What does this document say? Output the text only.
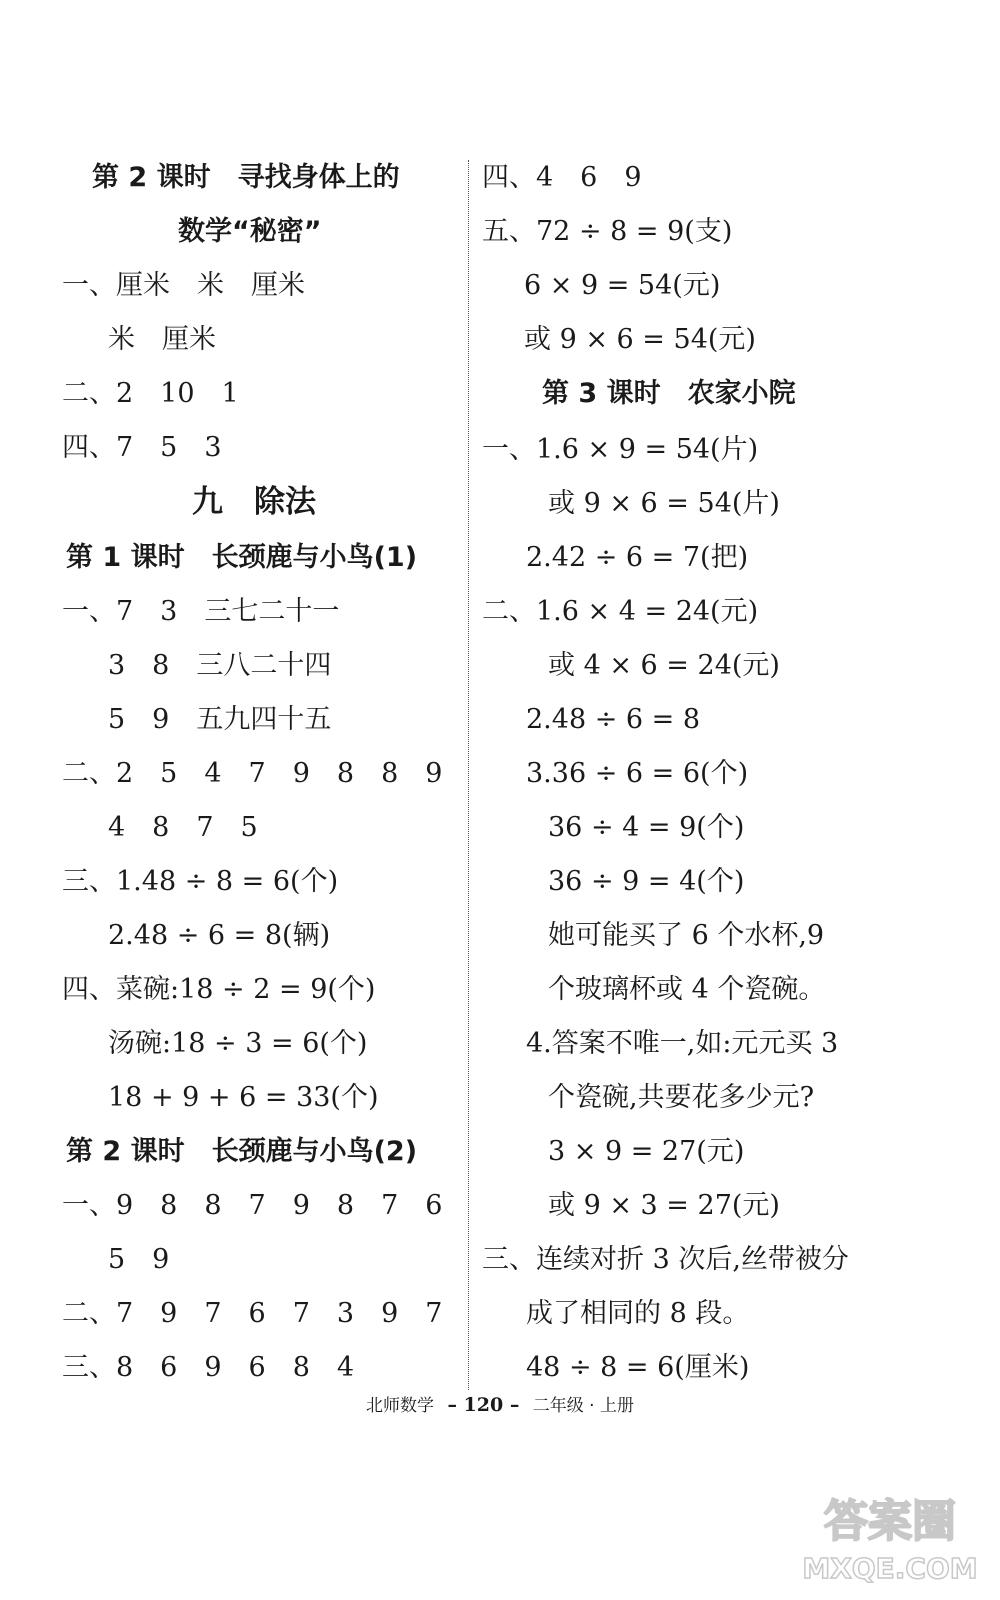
第 2 课时　寻找身体上的
数学“秘密”
一、厘米　米　厘米
米　厘米
二、2　10　1
四、7　5　3
九　除法
第 1 课时　长颈鹿与小鸟(1)
一、7　3　三七二十一
3　8　三八二十四
5　9　五九四十五
二、2　5　4　7　9　8　8　9
4　8　7　5
三、1.48 ÷ 8 = 6(个)
2.48 ÷ 6 = 8(辆)
四、菜碗:18 ÷ 2 = 9(个)
汤碗:18 ÷ 3 = 6(个)
18 + 9 + 6 = 33(个)
第 2 课时　长颈鹿与小鸟(2)
一、9　8　8　7　9　8　7　6
5　9
二、7　9　7　6　7　3　9　7
三、8　6　9　6　8　4
四、4　6　9
五、72 ÷ 8 = 9(支)
6 × 9 = 54(元)
或 9 × 6 = 54(元)
第 3 课时　农家小院
一、1.6 × 9 = 54(片)
或 9 × 6 = 54(片)
2.42 ÷ 6 = 7(把)
二、1.6 × 4 = 24(元)
或 4 × 6 = 24(元)
2.48 ÷ 6 = 8
3.36 ÷ 6 = 6(个)
36 ÷ 4 = 9(个)
36 ÷ 9 = 4(个)
她可能买了 6 个水杯,9
个玻璃杯或 4 个瓷碗。
4.答案不唯一,如:元元买 3
个瓷碗,共要花多少元?
3 × 9 = 27(元)
或 9 × 3 = 27(元)
三、连续对折 3 次后,丝带被分
成了相同的 8 段。
48 ÷ 8 = 6(厘米)
北师数学 – 120 – 二年级 · 上册
答案圈
MXQE.COM
